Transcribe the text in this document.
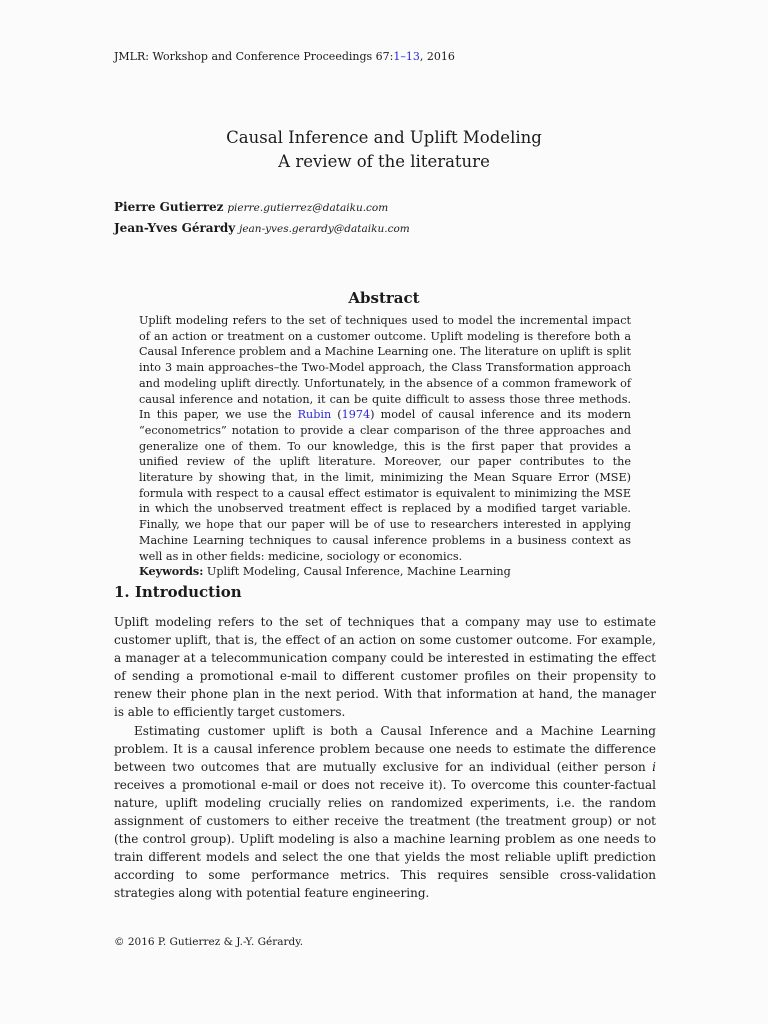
JMLR: Workshop and Conference Proceedings 67:1–13, 2016
Causal Inference and Uplift Modeling
A review of the literature
Pierre Gutierrez pierre.gutierrez@dataiku.com
Jean-Yves Gérardy jean-yves.gerardy@dataiku.com
Abstract

Uplift modeling refers to the set of techniques used to model the incremental impact of an action or treatment on a customer outcome. Uplift modeling is therefore both a Causal Inference problem and a Machine Learning one. The literature on uplift is split into 3 main approaches–the Two-Model approach, the Class Transformation approach and modeling uplift directly. Unfortunately, in the absence of a common framework of causal inference and notation, it can be quite difficult to assess those three methods. In this paper, we use the Rubin (1974) model of causal inference and its modern “econometrics” notation to provide a clear comparison of the three approaches and generalize one of them. To our knowledge, this is the first paper that provides a unified review of the uplift literature. Moreover, our paper contributes to the literature by showing that, in the limit, minimizing the Mean Square Error (MSE) formula with respect to a causal effect estimator is equivalent to minimizing the MSE in which the unobserved treatment effect is replaced by a modified target variable. Finally, we hope that our paper will be of use to researchers interested in applying Machine Learning techniques to causal inference problems in a business context as well as in other fields: medicine, sociology or economics.

Keywords: Uplift Modeling, Causal Inference, Machine Learning

1. Introduction

Uplift modeling refers to the set of techniques that a company may use to estimate customer uplift, that is, the effect of an action on some customer outcome. For example, a manager at a telecommunication company could be interested in estimating the effect of sending a promotional e-mail to different customer profiles on their propensity to renew their phone plan in the next period. With that information at hand, the manager is able to efficiently target customers.

Estimating customer uplift is both a Causal Inference and a Machine Learning problem. It is a causal inference problem because one needs to estimate the difference between two outcomes that are mutually exclusive for an individual (either person i receives a promotional e-mail or does not receive it). To overcome this counter-factual nature, uplift modeling crucially relies on randomized experiments, i.e. the random assignment of customers to either receive the treatment (the treatment group) or not (the control group). Uplift modeling is also a machine learning problem as one needs to train different models and select the one that yields the most reliable uplift prediction according to some performance metrics. This requires sensible cross-validation strategies along with potential feature engineering.

© 2016 P. Gutierrez & J.-Y. Gérardy.
